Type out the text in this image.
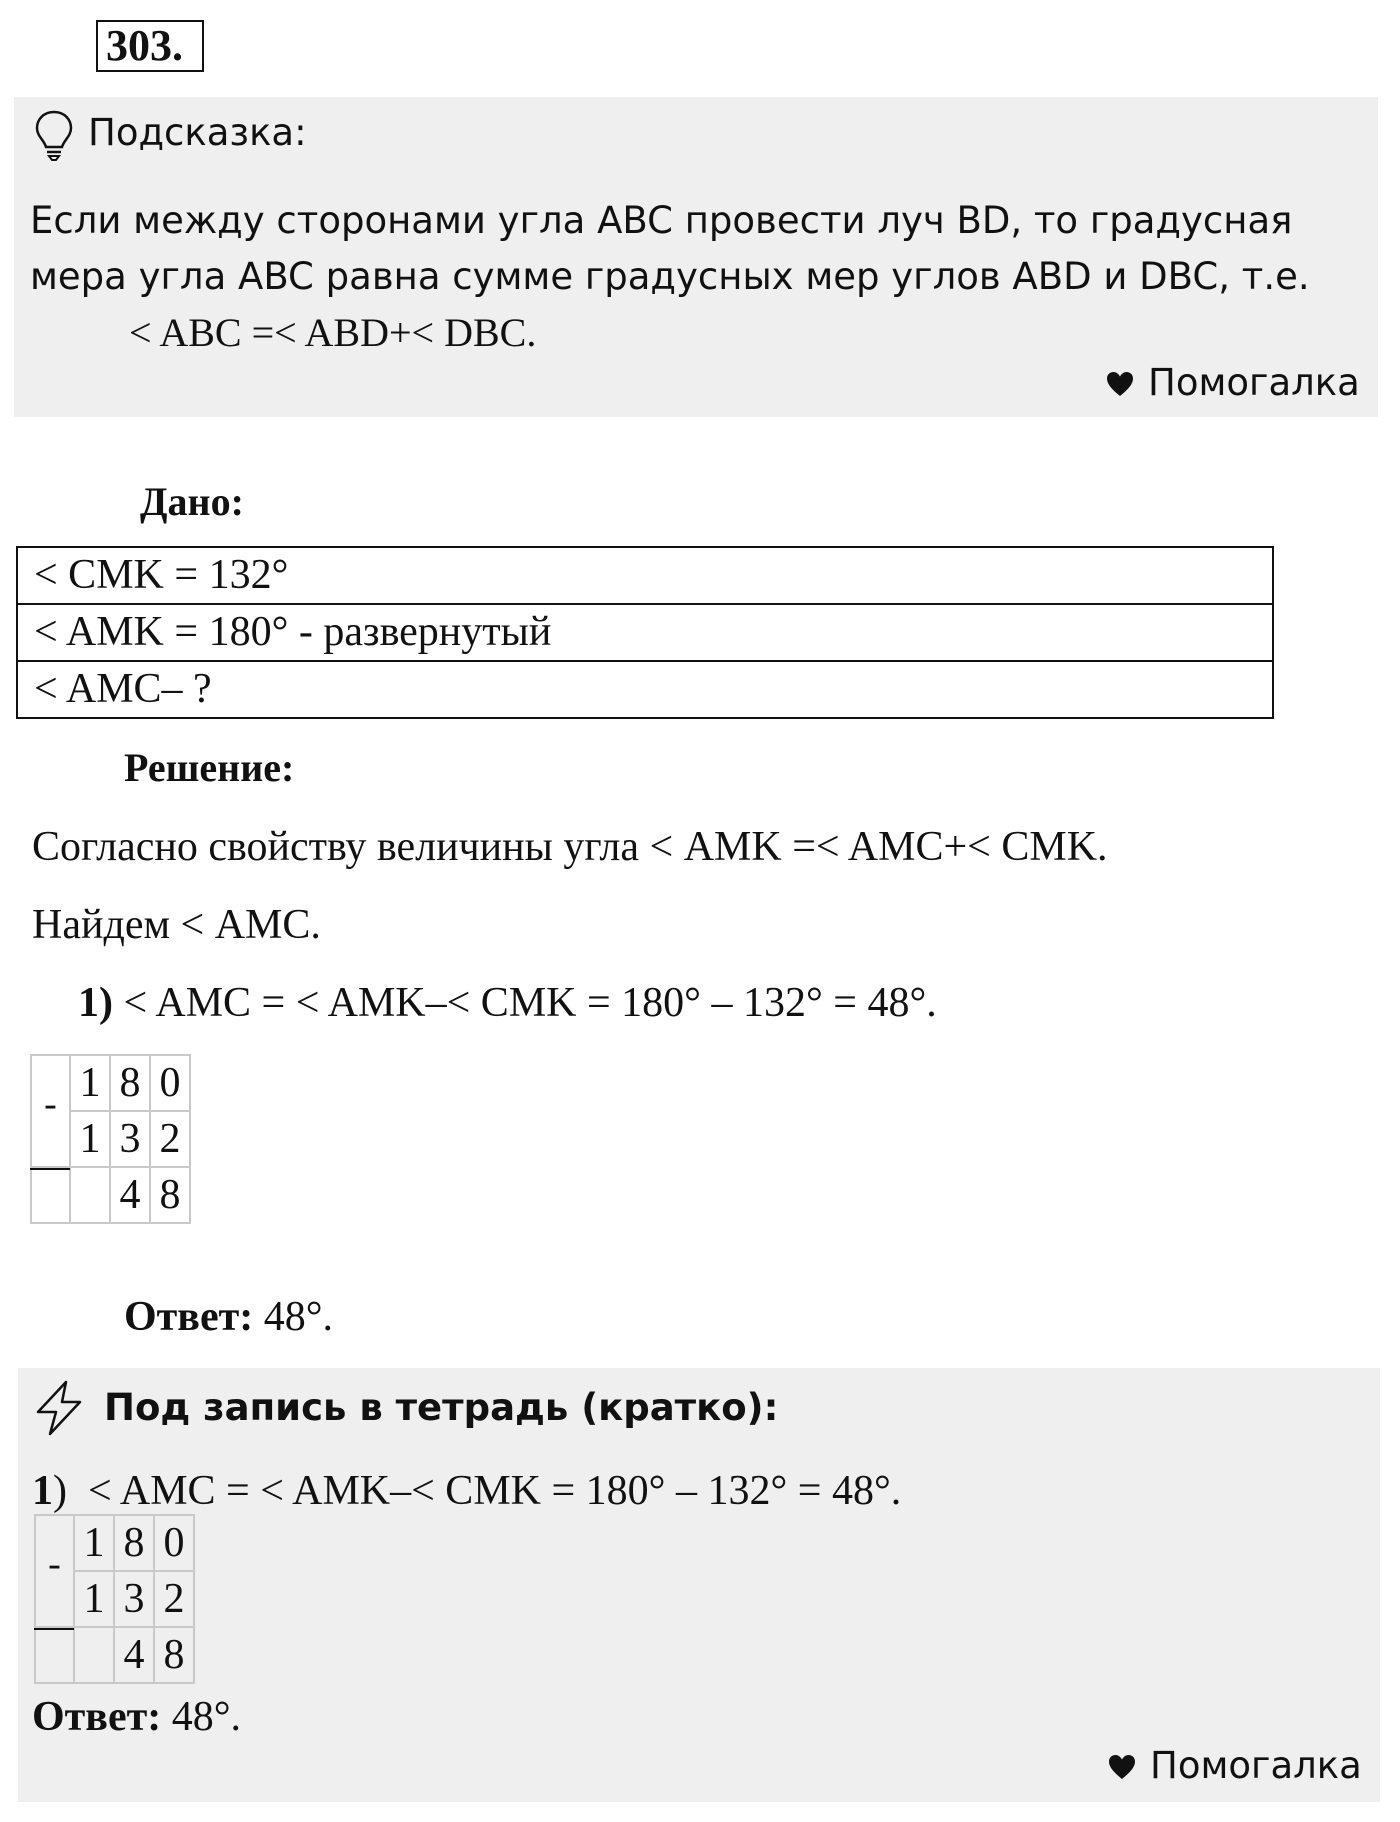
303.
Подсказка:
Если между сторонами угла ABC провести луч BD, то градусная
мера угла ABC равна сумме градусных мер углов ABD и DBC, т.е.
< ABC =< ABD+< DBC.
Помогалка
Дано:
< CMK = 132°
< AMK = 180° - развернутый
< AMC– ?
Решение:
Согласно свойству величины угла < AMK =< AMC+< CMK.
Найдем < AMC.
1) < AMC = < AMK–< CMK = 180° – 132° = 48°.
-	1	8	0
	1	3	2
		4	8
Ответ: 48°.
Под запись в тетрадь (кратко):
1) < AMC = < AMK–< CMK = 180° – 132° = 48°.
-	1	8	0
	1	3	2
		4	8
Ответ: 48°.
Помогалка
